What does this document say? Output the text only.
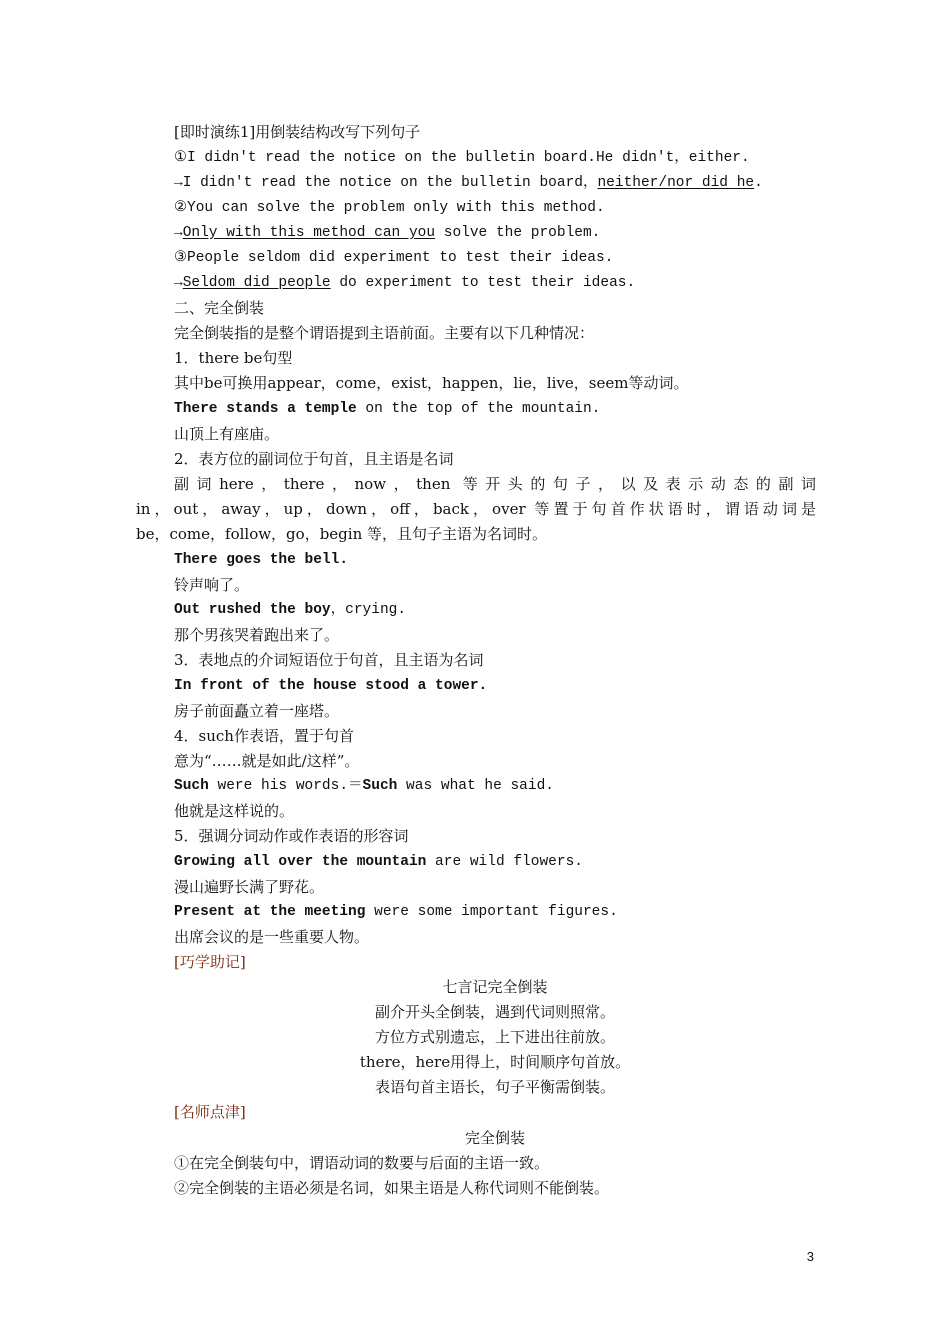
[即时演练1]用倒装结构改写下列句子
①I didn't read the notice on the bulletin board.He didn't，either.
→I didn't read the notice on the bulletin board，neither/nor did he.
②You can solve the problem only with this method.
→Only with this method can you solve the problem.
③People seldom did experiment to test their ideas.
→Seldom did people do experiment to test their ideas.
二、完全倒装
完全倒装指的是整个谓语提到主语前面。主要有以下几种情况：
1．there be句型
其中be可换用appear，come，exist，happen，lie，live，seem等动词。
There stands a temple on the top of the mountain.
山顶上有座庙。
2．表方位的副词位于句首，且主语是名词
副词here，there，now，then 等开头的句子，以及表示动态的副词
in，out，away，up，down，off，back，over 等置于句首作状语时，谓语动词是
be，come，follow，go，begin 等，且句子主语为名词时。
There goes the bell.
铃声响了。
Out rushed the boy，crying.
那个男孩哭着跑出来了。
3．表地点的介词短语位于句首，且主语为名词
In front of the house stood a tower.
房子前面矗立着一座塔。
4．such作表语，置于句首
意为“……就是如此/这样”。
Such were his words.＝Such was what he said.
他就是这样说的。
5．强调分词动作或作表语的形容词
Growing all over the mountain are wild flowers.
漫山遍野长满了野花。
Present at the meeting were some important figures.
出席会议的是一些重要人物。
[巧学助记]
七言记完全倒装
副介开头全倒装，遇到代词则照常。
方位方式别遗忘，上下进出往前放。
there，here用得上，时间顺序句首放。
表语句首主语长，句子平衡需倒装。
[名师点津]
完全倒装
①在完全倒装句中，谓语动词的数要与后面的主语一致。
②完全倒装的主语必须是名词，如果主语是人称代词则不能倒装。
3
